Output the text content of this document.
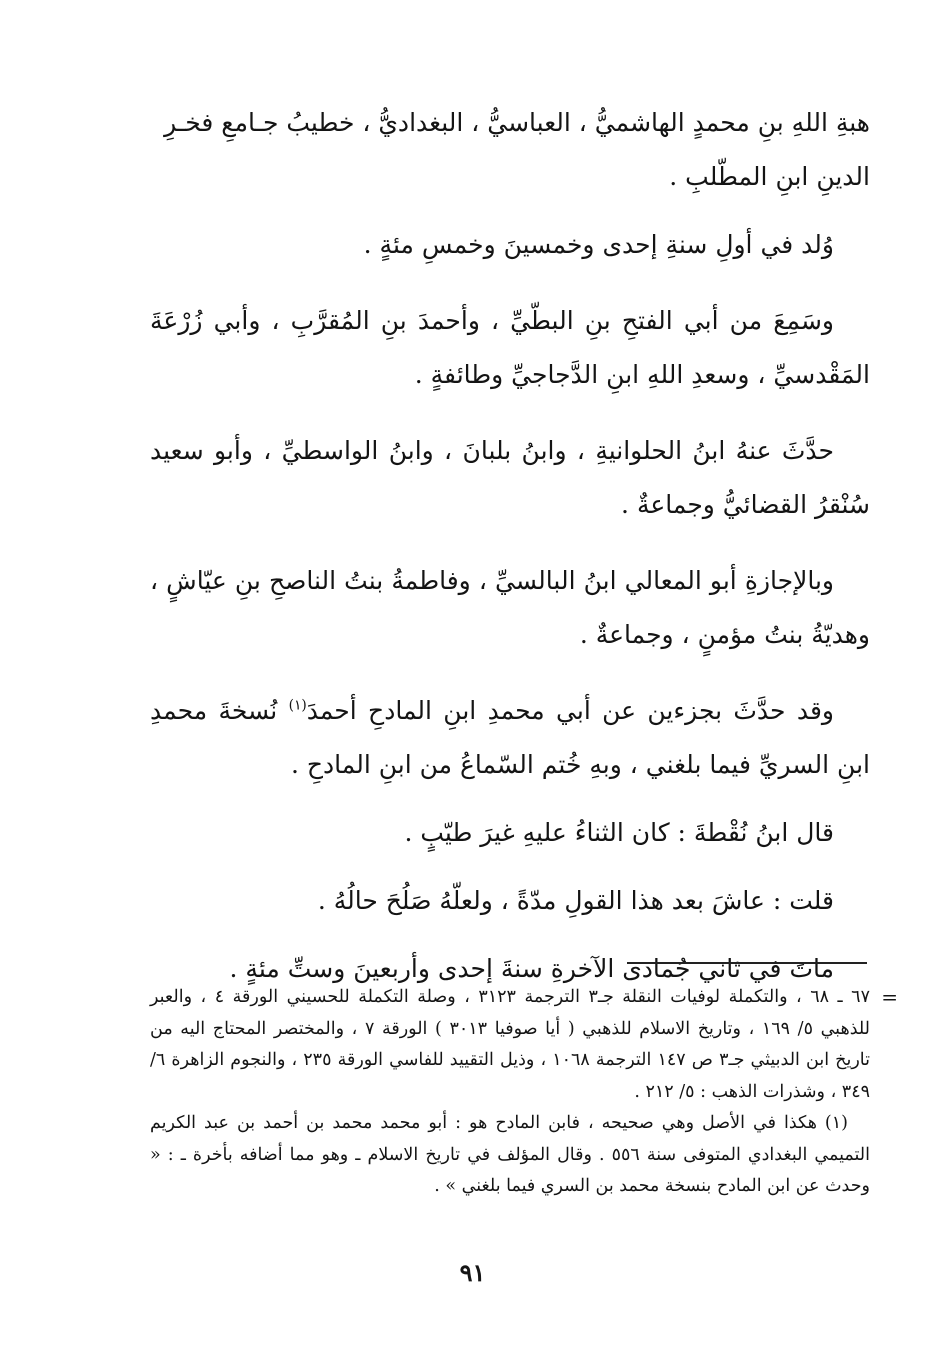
هبةِ اللهِ بنِ محمدٍ الهاشميُّ ، العباسيُّ ، البغداديُّ ، خطيبُ جـامعِ فخـرِ
الدينِ ابنِ المطّلبِ .

وُلد في أولِ سنةِ إحدى وخمسينَ وخمسِ مئةٍ .

وسَمِعَ من أبي الفتحِ بنِ البطّيِّ ، وأحمدَ بنِ المُقرَّبِ ، وأبي زُرْعَةَ المَقْدسيِّ ، وسعدِ اللهِ ابنِ الدَّجاجيِّ وطائفةٍ .

حدَّثَ عنهُ ابنُ الحلوانيةِ ، وابنُ بلبانَ ، وابنُ الواسطيِّ ، وأبو سعيد سُنْقرُ القضائيُّ وجماعةٌ .

وبالإجازةِ أبو المعالي ابنُ البالسيِّ ، وفاطمةُ بنتُ الناصحِ بنِ عيّاشٍ ، وهديّةُ بنتُ مؤمنٍ ، وجماعةٌ .

وقد حدَّثَ بجزءين عن أبي محمدِ ابنِ المادحِ أحمدَ$^{(١)}$ نُسخةَ محمدِ ابنِ السريِّ فيما بلغني ، وبهِ خُتم السّماعُ من ابنِ المادحِ .

قال ابنُ نُقْطةَ : كان الثناءُ عليهِ غيرَ طيّبٍ .

قلت : عاشَ بعد هذا القولِ مدّةً ، ولعلّهُ صَلُحَ حالُهُ .

ماتَ في ثاني جُمادى الآخرةِ سنةَ إحدى وأربعينَ وستِّ مئةٍ .

=

٦٧ ـ ٦٨ ، والتكملة لوفيات النقلة جـ٣ الترجمة ٣١٢٣ ، وصلة التكملة للحسيني الورقة ٤ ، والعبر للذهبي ٥/ ١٦٩ ، وتاريخ الاسلام للذهبي ( أيا صوفيا ٣٠١٣ ) الورقة ٧ ، والمختصر المحتاج اليه من تاريخ ابن الدبيثي جـ٣ ص ١٤٧ الترجمة ١٠٦٨ ، وذيل التقييد للفاسي الورقة ٢٣٥ ، والنجوم الزاهرة ٦/ ٣٤٩ ، وشذرات الذهب : ٥/ ٢١٢ .

(١) هكذا في الأصل وهي صحيحه ، فابن المادح هو : أبو محمد محمد بن أحمد بن عبد الكريم التميمي البغدادي المتوفى سنة ٥٥٦ . وقال المؤلف في تاريخ الاسلام ـ وهو مما أضافه بأخرة ـ : « وحدث عن ابن المادح بنسخة محمد بن السري فيما بلغني » .

٩١
